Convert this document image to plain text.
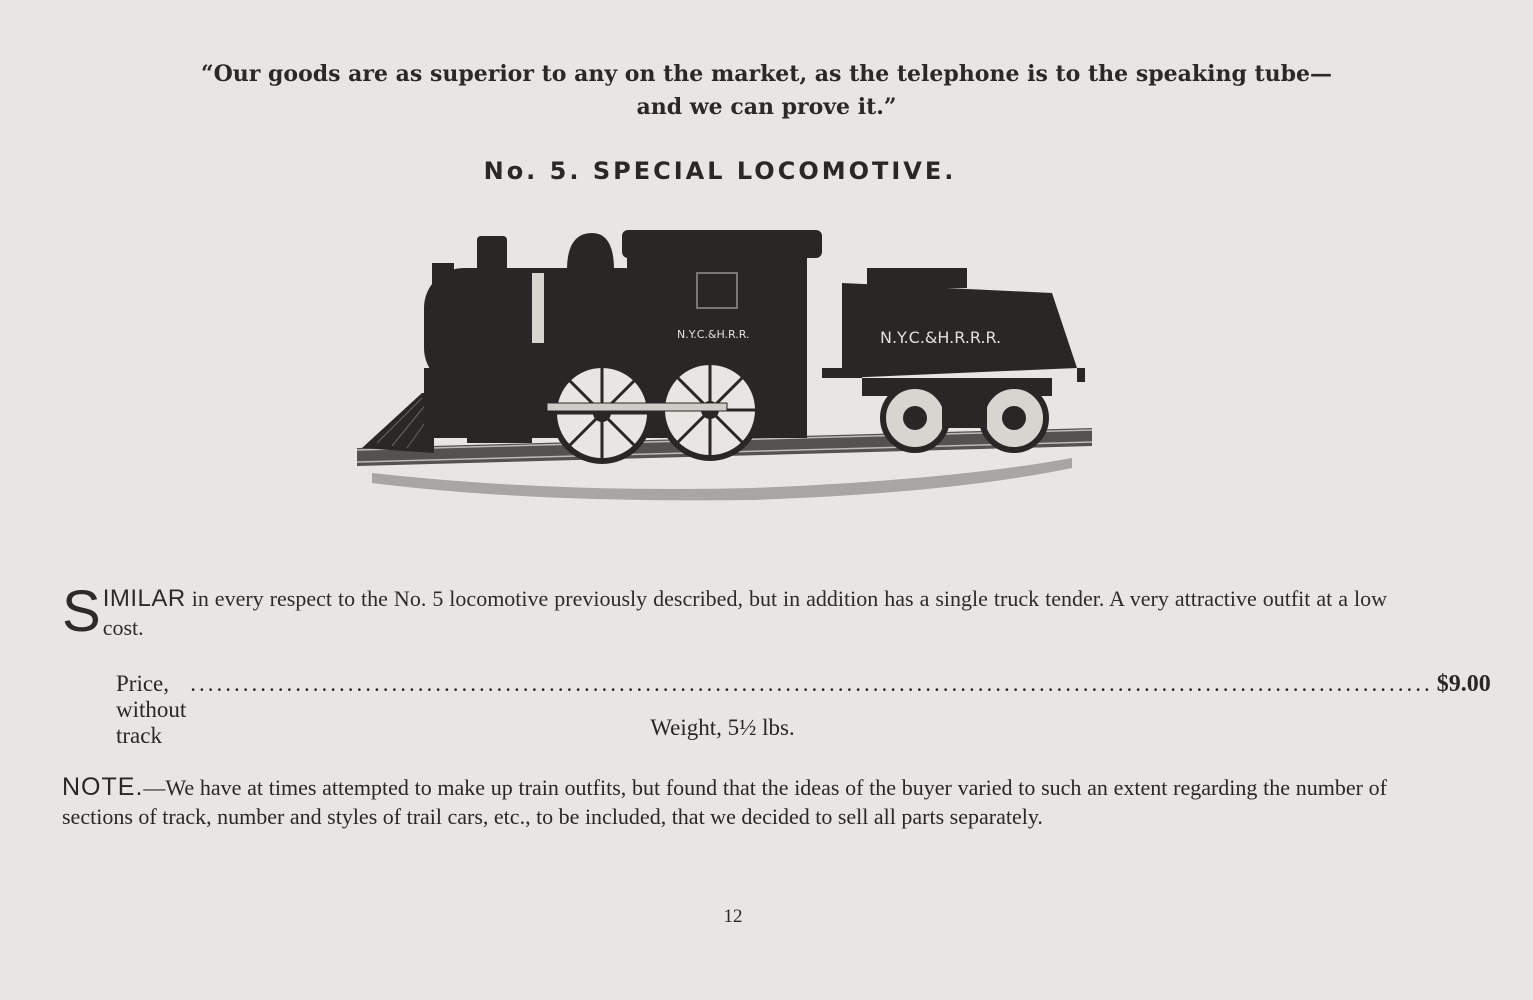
“Our goods are as superior to any on the market, as the telephone is to the speaking tube—
and we can prove it.”
No. 5. SPECIAL LOCOMOTIVE.
N.Y.C.&H.R.R.	N.Y.C.&H.R.R.R.
S IMILAR in every respect to the No. 5 locomotive previously described, but in addition has a single truck tender. A very attractive outfit at a low cost.
Price, without track
.............................................................................................................................................. $9.00
Weight, 5½ lbs.
NOTE.—We have at times attempted to make up train outfits, but found that the ideas of the buyer varied to such an extent regarding the number of sections of track, number and styles of trail cars, etc., to be included, that we decided to sell all parts separately.
12
